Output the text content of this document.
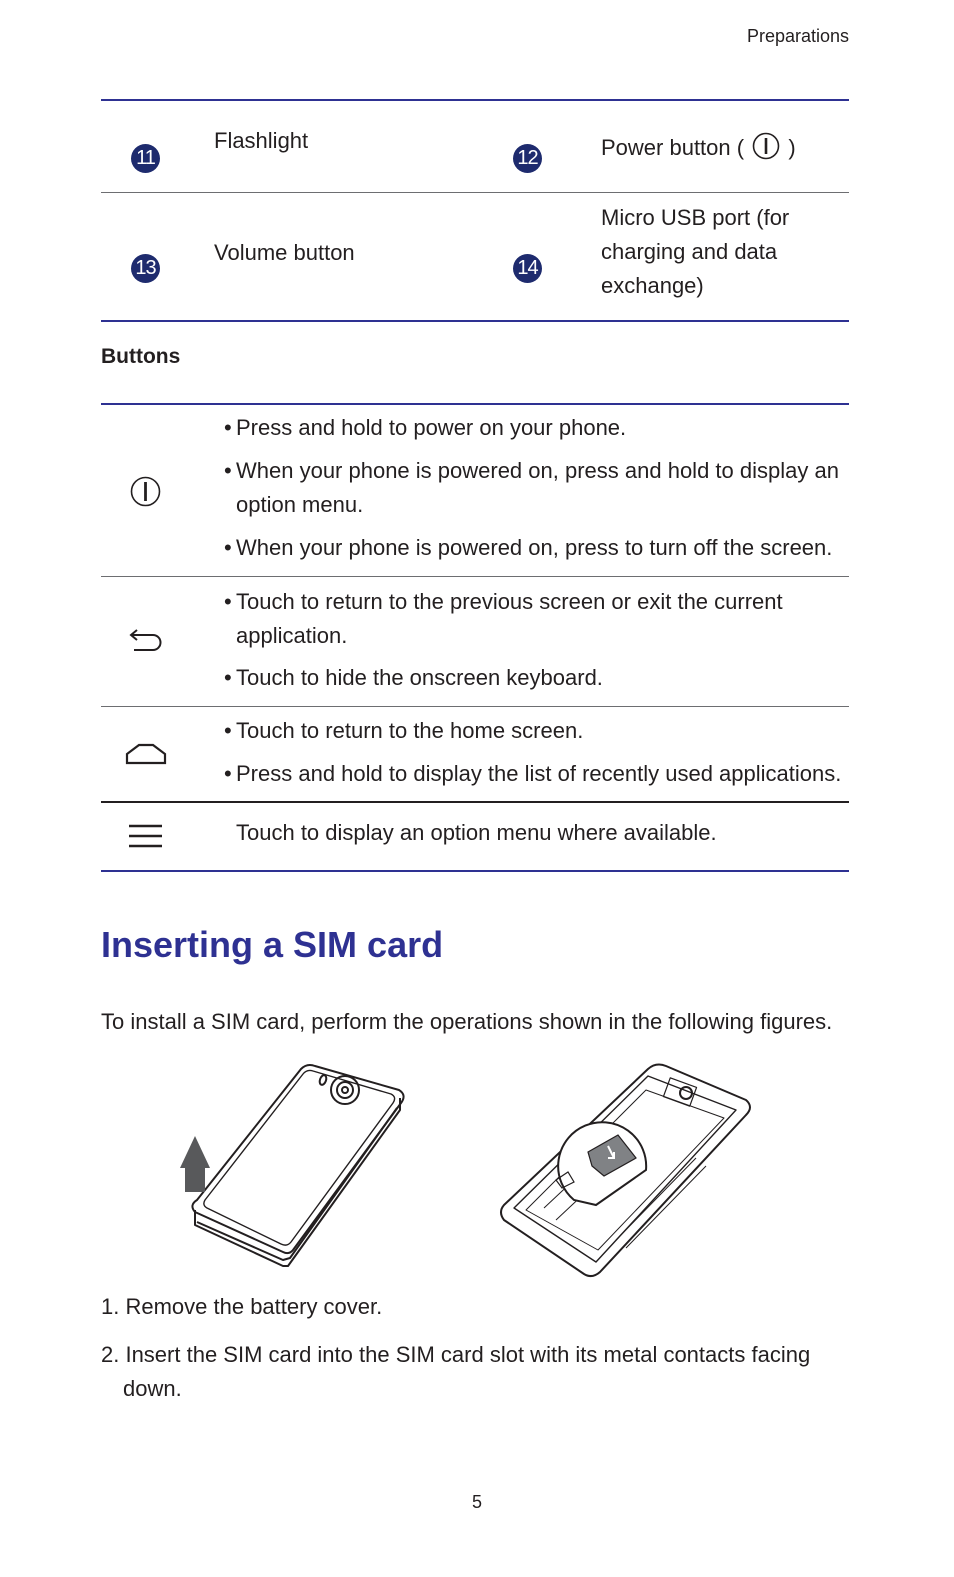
Preparations
11
Flashlight
12	Power button ( )
13
Volume button
14
Micro USB port (for
charging and data
exchange)
Buttons
• Press and hold to power on your phone.
• When your phone is powered on, press and hold to display an
option menu.
• When your phone is powered on, press to turn off the screen.
• Touch to return to the previous screen or exit the current
application.
• Touch to hide the onscreen keyboard.
• Touch to return to the home screen.
• Press and hold to display the list of recently used applications.
Touch to display an option menu where available.
Inserting a SIM card
To install a SIM card, perform the operations shown in the following figures.
1. Remove the battery cover.
2. Insert the SIM card into the SIM card slot with its metal contacts facing
down.
5
